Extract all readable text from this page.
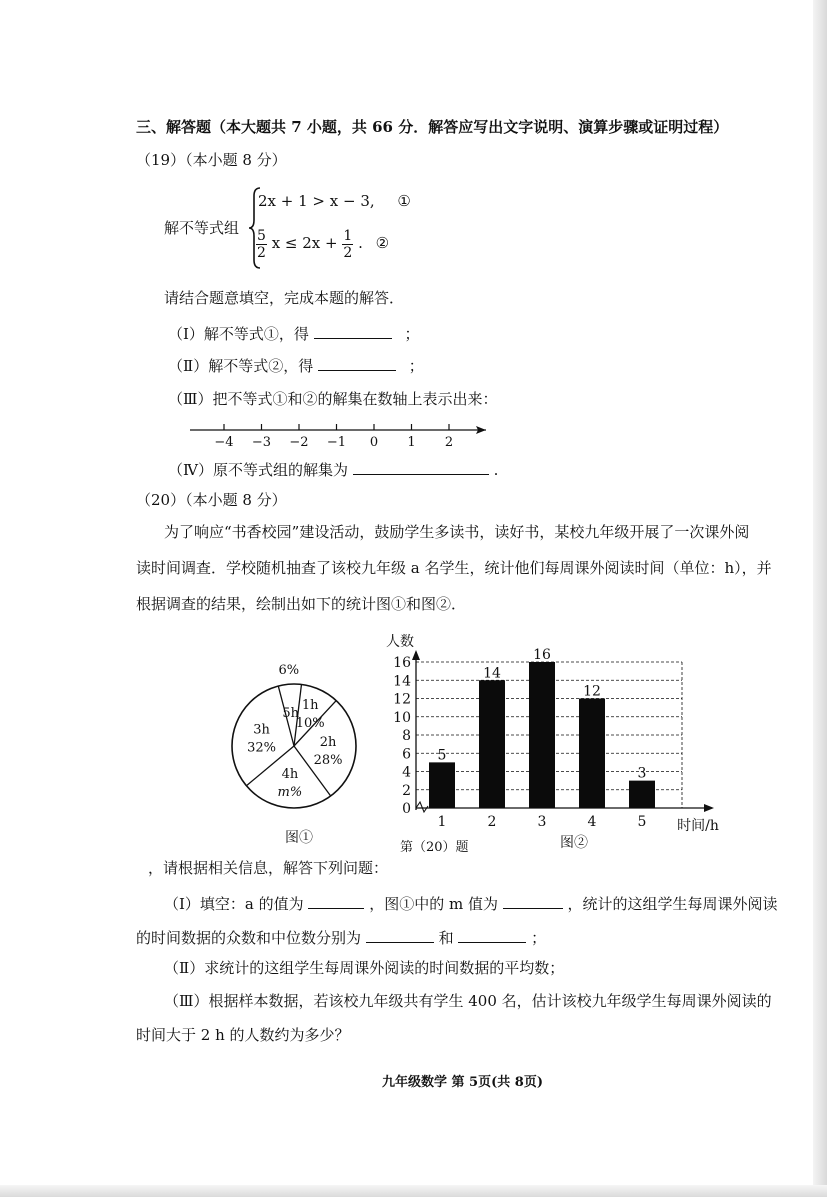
三、解答题（本大题共 7 小题，共 66 分．解答应写出文字说明、演算步骤或证明过程）
（19）（本小题 8 分）
解不等式组
2x + 1 > x − 3, ①
$\frac{5}{2}$ $x \le 2x + \frac{1}{2}$ . ②
请结合题意填空，完成本题的解答．
（Ⅰ）解不等式①，得	；
（Ⅱ）解不等式②，得	；
（Ⅲ）把不等式①和②的解集在数轴上表示出来：
−4 −3 −2 −1 0 1 2
（Ⅳ）原不等式组的解集为	.
（20）（本小题 8 分）
为了响应“书香校园”建设活动，鼓励学生多读书，读好书，某校九年级开展了一次课外阅
读时间调查．学校随机抽查了该校九年级 a 名学生，统计他们每周课外阅读时间（单位：h），并
根据调查的结果，绘制出如下的统计图①和图②．
1h
10%
2h
28%
4h
m%
3h
32%
5h
6%
图①
人数
0
2
4
6
8
10
12
14
16
5
1
14
2
16
3
12
4
3
5 时间/h
第（20）题	图②
，请根据相关信息，解答下列问题：
（Ⅰ）填空：a 的值为	，图①中的 m 值为	，统计的这组学生每周课外阅读
的时间数据的众数和中位数分别为	和	；
（Ⅱ）求统计的这组学生每周课外阅读的时间数据的平均数；
（Ⅲ）根据样本数据，若该校九年级共有学生 400 名，估计该校九年级学生每周课外阅读的
时间大于 2 h 的人数约为多少？
九年级数学 第 5页(共 8页)
